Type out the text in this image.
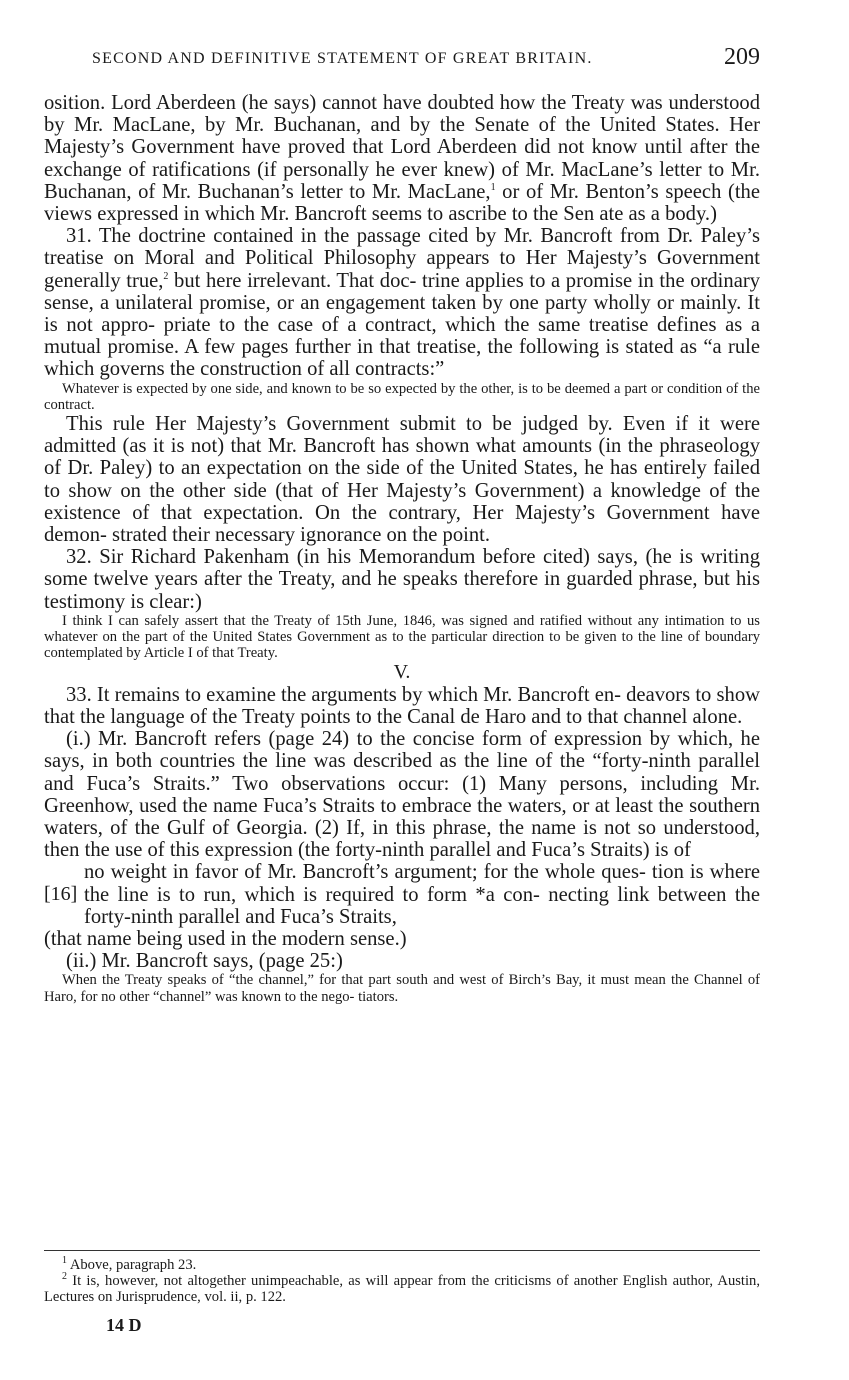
SECOND AND DEFINITIVE STATEMENT OF GREAT BRITAIN.	209

osition. Lord Aberdeen (he says) cannot have doubted how the Treaty was understood by Mr. MacLane, by Mr. Buchanan, and by the Senate of the United States. Her Majesty’s Government have proved that Lord Aberdeen did not know until after the exchange of ratifications (if personally he ever knew) of Mr. MacLane’s letter to Mr. Buchanan, of Mr. Buchanan’s letter to Mr. MacLane,$^1$ or of Mr. Benton’s speech (the views expressed in which Mr. Bancroft seems to ascribe to the Sen ate as a body.)

31. The doctrine contained in the passage cited by Mr. Bancroft from Dr. Paley’s treatise on Moral and Political Philosophy appears to Her Majesty’s Government generally true,$^2$ but here irrelevant. That doc- trine applies to a promise in the ordinary sense, a unilateral promise, or an engagement taken by one party wholly or mainly. It is not appro- priate to the case of a contract, which the same treatise defines as a mutual promise. A few pages further in that treatise, the following is stated as “a rule which governs the construction of all contracts:”

Whatever is expected by one side, and known to be so expected by the other, is to be deemed a part or condition of the contract.

This rule Her Majesty’s Government submit to be judged by. Even if it were admitted (as it is not) that Mr. Bancroft has shown what amounts (in the phraseology of Dr. Paley) to an expectation on the side of the United States, he has entirely failed to show on the other side (that of Her Majesty’s Government) a knowledge of the existence of that expectation. On the contrary, Her Majesty’s Government have demon- strated their necessary ignorance on the point.

32. Sir Richard Pakenham (in his Memorandum before cited) says, (he is writing some twelve years after the Treaty, and he speaks therefore in guarded phrase, but his testimony is clear:)

I think I can safely assert that the Treaty of 15th June, 1846, was signed and ratified without any intimation to us whatever on the part of the United States Government as to the particular direction to be given to the line of boundary contemplated by Article I of that Treaty.

V.

33. It remains to examine the arguments by which Mr. Bancroft en- deavors to show that the language of the Treaty points to the Canal de Haro and to that channel alone.

(i.) Mr. Bancroft refers (page 24) to the concise form of expression by which, he says, in both countries the line was described as the line of the “forty-ninth parallel and Fuca’s Straits.” Two observations occur: (1) Many persons, including Mr. Greenhow, used the name Fuca’s Straits to embrace the waters, or at least the southern waters, of the Gulf of Georgia. (2) If, in this phrase, the name is not so understood, then the use of this expression (the forty-ninth parallel and Fuca’s Straits) is of

[16]

no weight in favor of Mr. Bancroft’s argument; for the whole ques- tion is where the line is to run, which is required to form *a con- necting link between the forty-ninth parallel and Fuca’s Straits,

(that name being used in the modern sense.)

(ii.) Mr. Bancroft says, (page 25:)

When the Treaty speaks of “the channel,” for that part south and west of Birch’s Bay, it must mean the Channel of Haro, for no other “channel” was known to the nego- tiators.

$^1$ Above, paragraph 23.

$^2$ It is, however, not altogether unimpeachable, as will appear from the criticisms of another English author, Austin, Lectures on Jurisprudence, vol. ii, p. 122.

14 D
